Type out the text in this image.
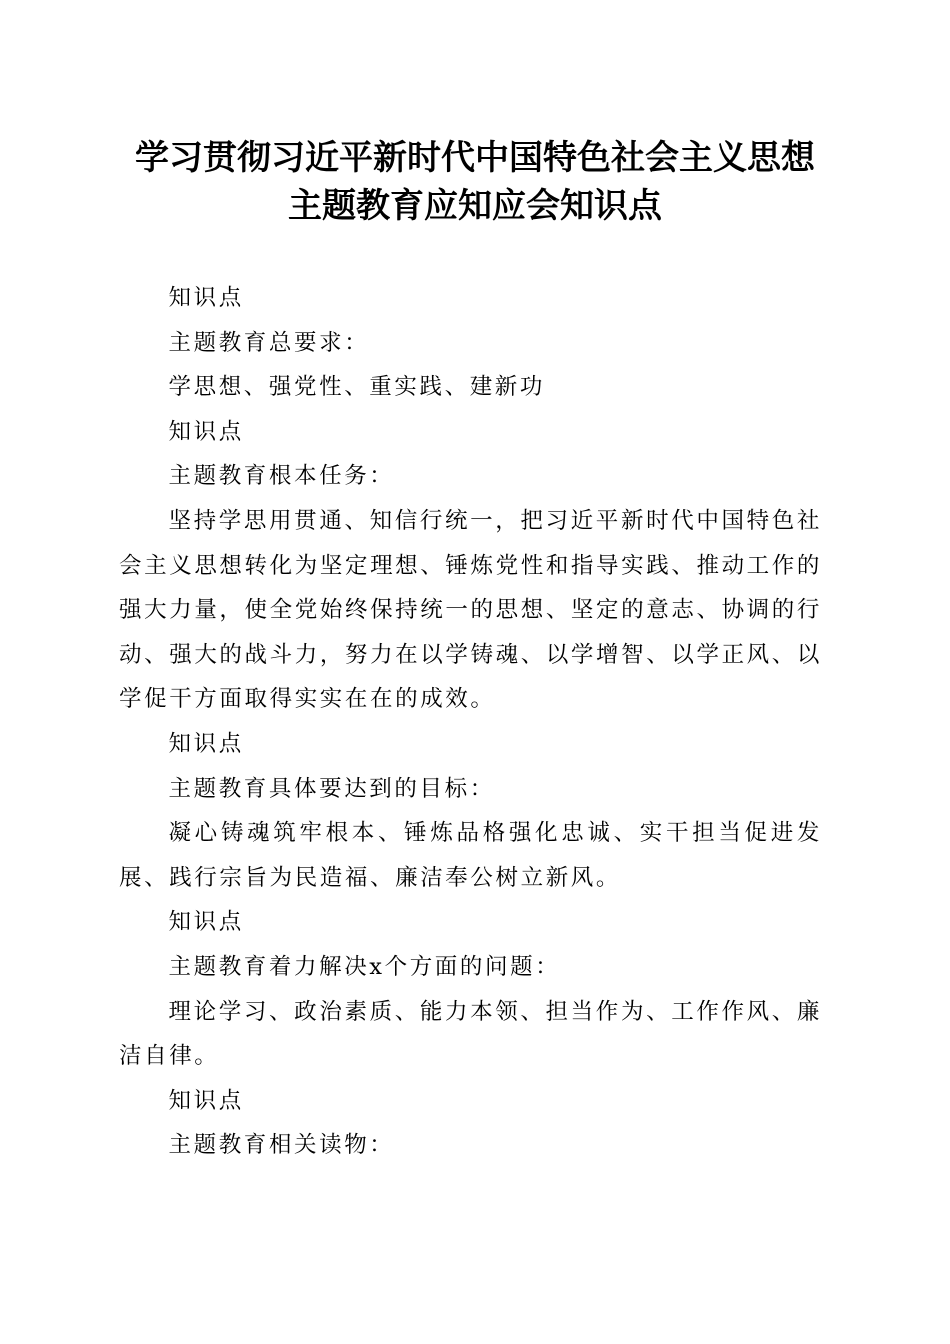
学习贯彻习近平新时代中国特色社会主义思想
主题教育应知应会知识点

知识点

主题教育总要求：

学思想、强党性、重实践、建新功

知识点

主题教育根本任务：

坚持学思用贯通、知信行统一，把习近平新时代中国特色社会主义思想转化为坚定理想、锤炼党性和指导实践、推动工作的强大力量，使全党始终保持统一的思想、坚定的意志、协调的行动、强大的战斗力，努力在以学铸魂、以学增智、以学正风、以学促干方面取得实实在在的成效。

知识点

主题教育具体要达到的目标：

凝心铸魂筑牢根本、锤炼品格强化忠诚、实干担当促进发展、践行宗旨为民造福、廉洁奉公树立新风。

知识点

主题教育着力解决x个方面的问题：

理论学习、政治素质、能力本领、担当作为、工作作风、廉洁自律。

知识点

主题教育相关读物：
